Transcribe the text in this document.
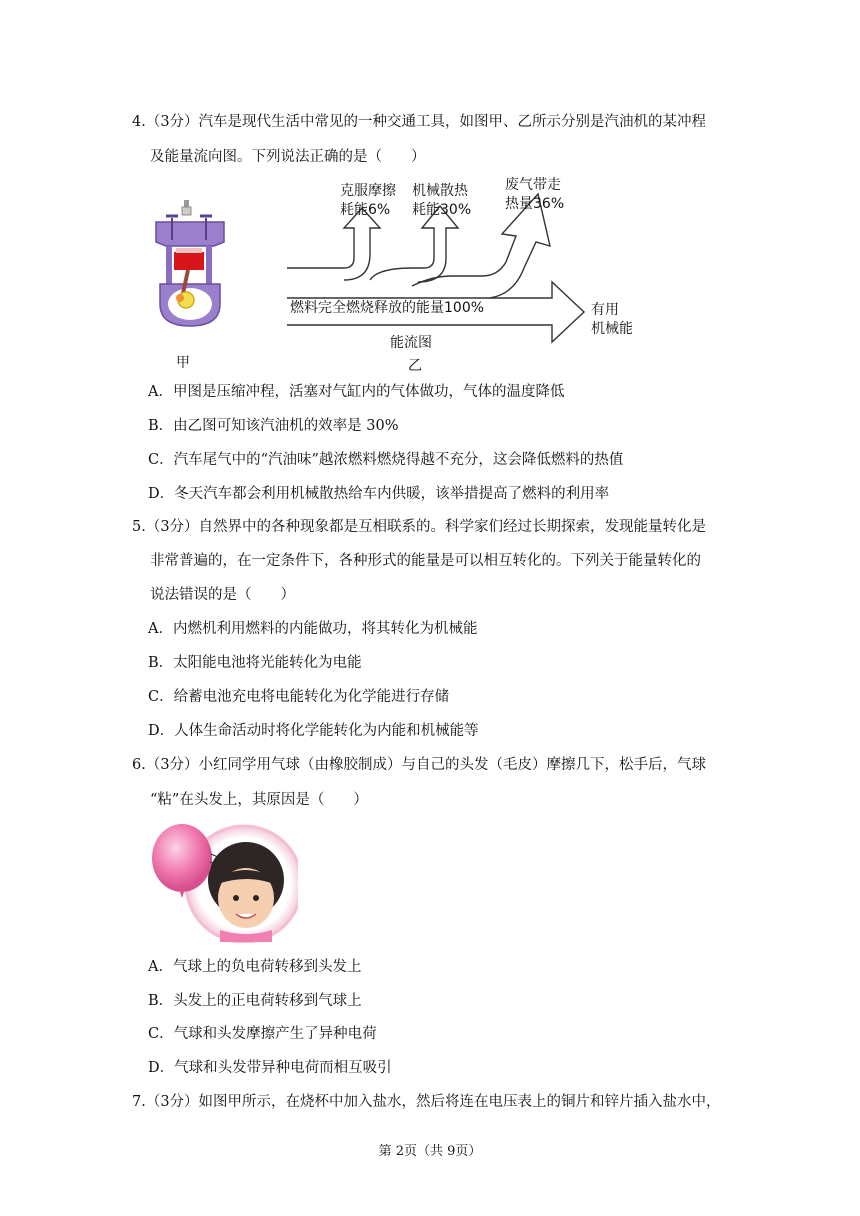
4.（3分）汽车是现代生活中常见的一种交通工具，如图甲、乙所示分别是汽油机的某冲程
及能量流向图。下列说法正确的是（　　）
甲
克服摩擦
耗能6%
机械散热
耗能30%
废气带走
热量36%
燃料完全燃烧释放的能量100%	有用
机械能
能流图
乙
A．甲图是压缩冲程，活塞对气缸内的气体做功，气体的温度降低
B．由乙图可知该汽油机的效率是 30%
C．汽车尾气中的“汽油味”越浓燃料燃烧得越不充分，这会降低燃料的热值
D．冬天汽车都会利用机械散热给车内供暖，该举措提高了燃料的利用率
5.（3分）自然界中的各种现象都是互相联系的。科学家们经过长期探索，发现能量转化是
非常普遍的，在一定条件下，各种形式的能量是可以相互转化的。下列关于能量转化的
说法错误的是（　　）
A．内燃机利用燃料的内能做功，将其转化为机械能
B．太阳能电池将光能转化为电能
C．给蓄电池充电将电能转化为化学能进行存储
D．人体生命活动时将化学能转化为内能和机械能等
6.（3分）小红同学用气球（由橡胶制成）与自己的头发（毛皮）摩擦几下，松手后，气球
“粘”在头发上，其原因是（　　）
A．气球上的负电荷转移到头发上
B．头发上的正电荷转移到气球上
C．气球和头发摩擦产生了异种电荷
D．气球和头发带异种电荷而相互吸引
7.（3分）如图甲所示，在烧杯中加入盐水，然后将连在电压表上的铜片和锌片插入盐水中，
第 2页（共 9页）
